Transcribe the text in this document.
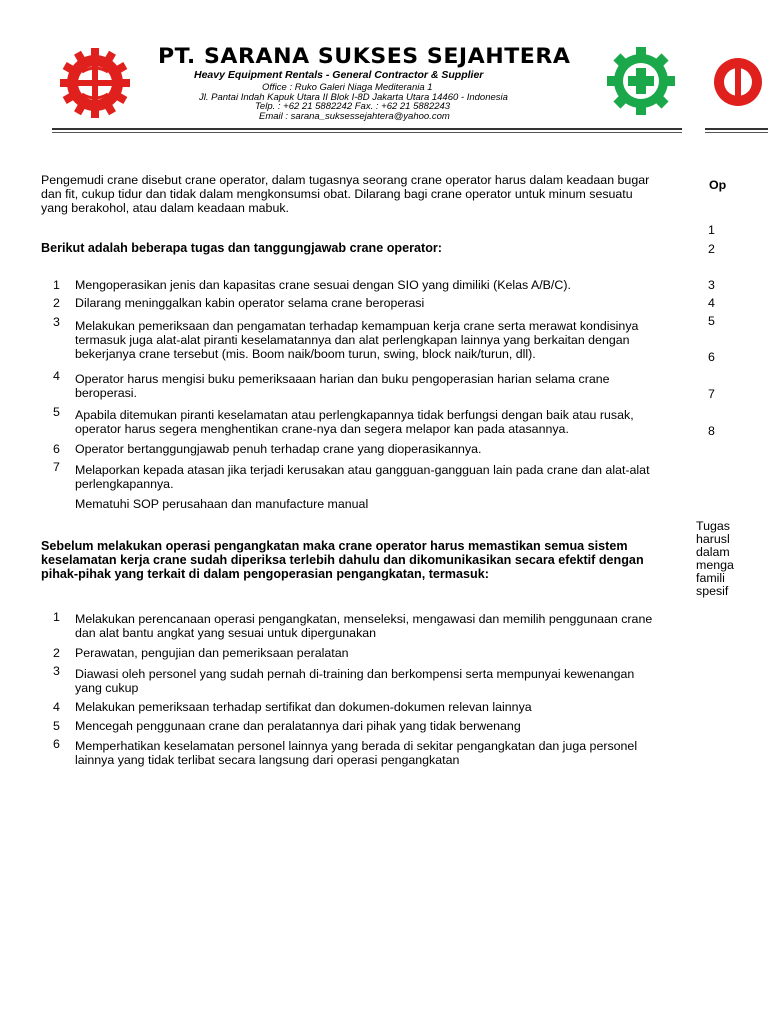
PT. SARANA SUKSES SEJAHTERA
Heavy Equipment Rentals - General Contractor & Supplier
Office : Ruko Galeri Niaga Mediterania 1
Jl. Pantai Indah Kapuk Utara II Blok I-8D Jakarta Utara 14460 - Indonesia
Telp. : +62 21 5882242 Fax. : +62 21 5882243
Email : sarana_suksessejahtera@yahoo.com
Pengemudi crane disebut crane operator, dalam tugasnya seorang crane operator harus dalam keadaan bugar
dan fit, cukup tidur dan tidak dalam mengkonsumsi obat. Dilarang bagi crane operator untuk minum sesuatu
yang berakohol, atau dalam keadaan mabuk.
Berikut adalah beberapa tugas dan tanggungjawab crane operator:
1 Mengoperasikan jenis dan kapasitas crane sesuai dengan SIO yang dimiliki (Kelas A/B/C).
2 Dilarang meninggalkan kabin operator selama crane beroperasi
3 Melakukan pemeriksaan dan pengamatan terhadap kemampuan kerja crane serta merawat kondisinya
termasuk juga alat-alat piranti keselamatannya dan alat perlengkapan lainnya yang berkaitan dengan
bekerjanya crane tersebut (mis. Boom naik/boom turun, swing, block naik/turun, dll).
4 Operator harus mengisi buku pemeriksaaan harian dan buku pengoperasian harian selama crane
beroperasi.
5 Apabila ditemukan piranti keselamatan atau perlengkapannya tidak berfungsi dengan baik atau rusak,
operator harus segera menghentikan crane-nya dan segera melapor kan pada atasannya.
6 Operator bertanggungjawab penuh terhadap crane yang dioperasikannya.
7 Melaporkan kepada atasan jika terjadi kerusakan atau gangguan-gangguan lain pada crane dan alat-alat
perlengkapannya.
Mematuhi SOP perusahaan dan manufacture manual
Sebelum melakukan operasi pengangkatan maka crane operator harus memastikan semua sistem
keselamatan kerja crane sudah diperiksa terlebih dahulu dan dikomunikasikan secara efektif dengan
pihak-pihak yang terkait di dalam pengoperasian pengangkatan, termasuk:
1 Melakukan perencanaan operasi pengangkatan, menseleksi, mengawasi dan memilih penggunaan crane
dan alat bantu angkat yang sesuai untuk dipergunakan
2 Perawatan, pengujian dan pemeriksaan peralatan
3 Diawasi oleh personel yang sudah pernah di-training dan berkompensi serta mempunyai kewenangan
yang cukup
4 Melakukan pemeriksaan terhadap sertifikat dan dokumen-dokumen relevan lainnya
5 Mencegah penggunaan crane dan peralatannya dari pihak yang tidak berwenang
6 Memperhatikan keselamatan personel lainnya yang berada di sekitar pengangkatan dan juga personel
lainnya yang tidak terlibat secara langsung dari operasi pengangkatan
Op
1
2
3
4
5
6
7
8
Tugas
harusl
dalam
menga
famili
spesif
